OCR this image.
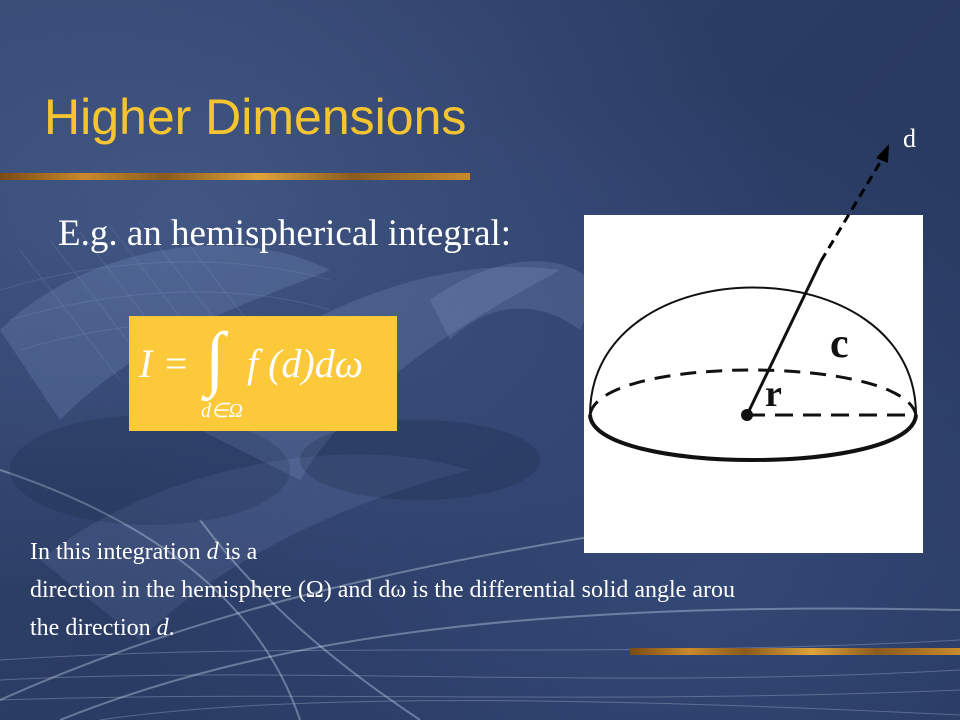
Higher Dimensions
E.g. an hemispherical integral:
I = ∫ f (d)dω
d∈Ω
d
c
r
In this integration d is a
direction in the hemisphere (Ω) and dω is the differential solid angle arou
the direction d.
